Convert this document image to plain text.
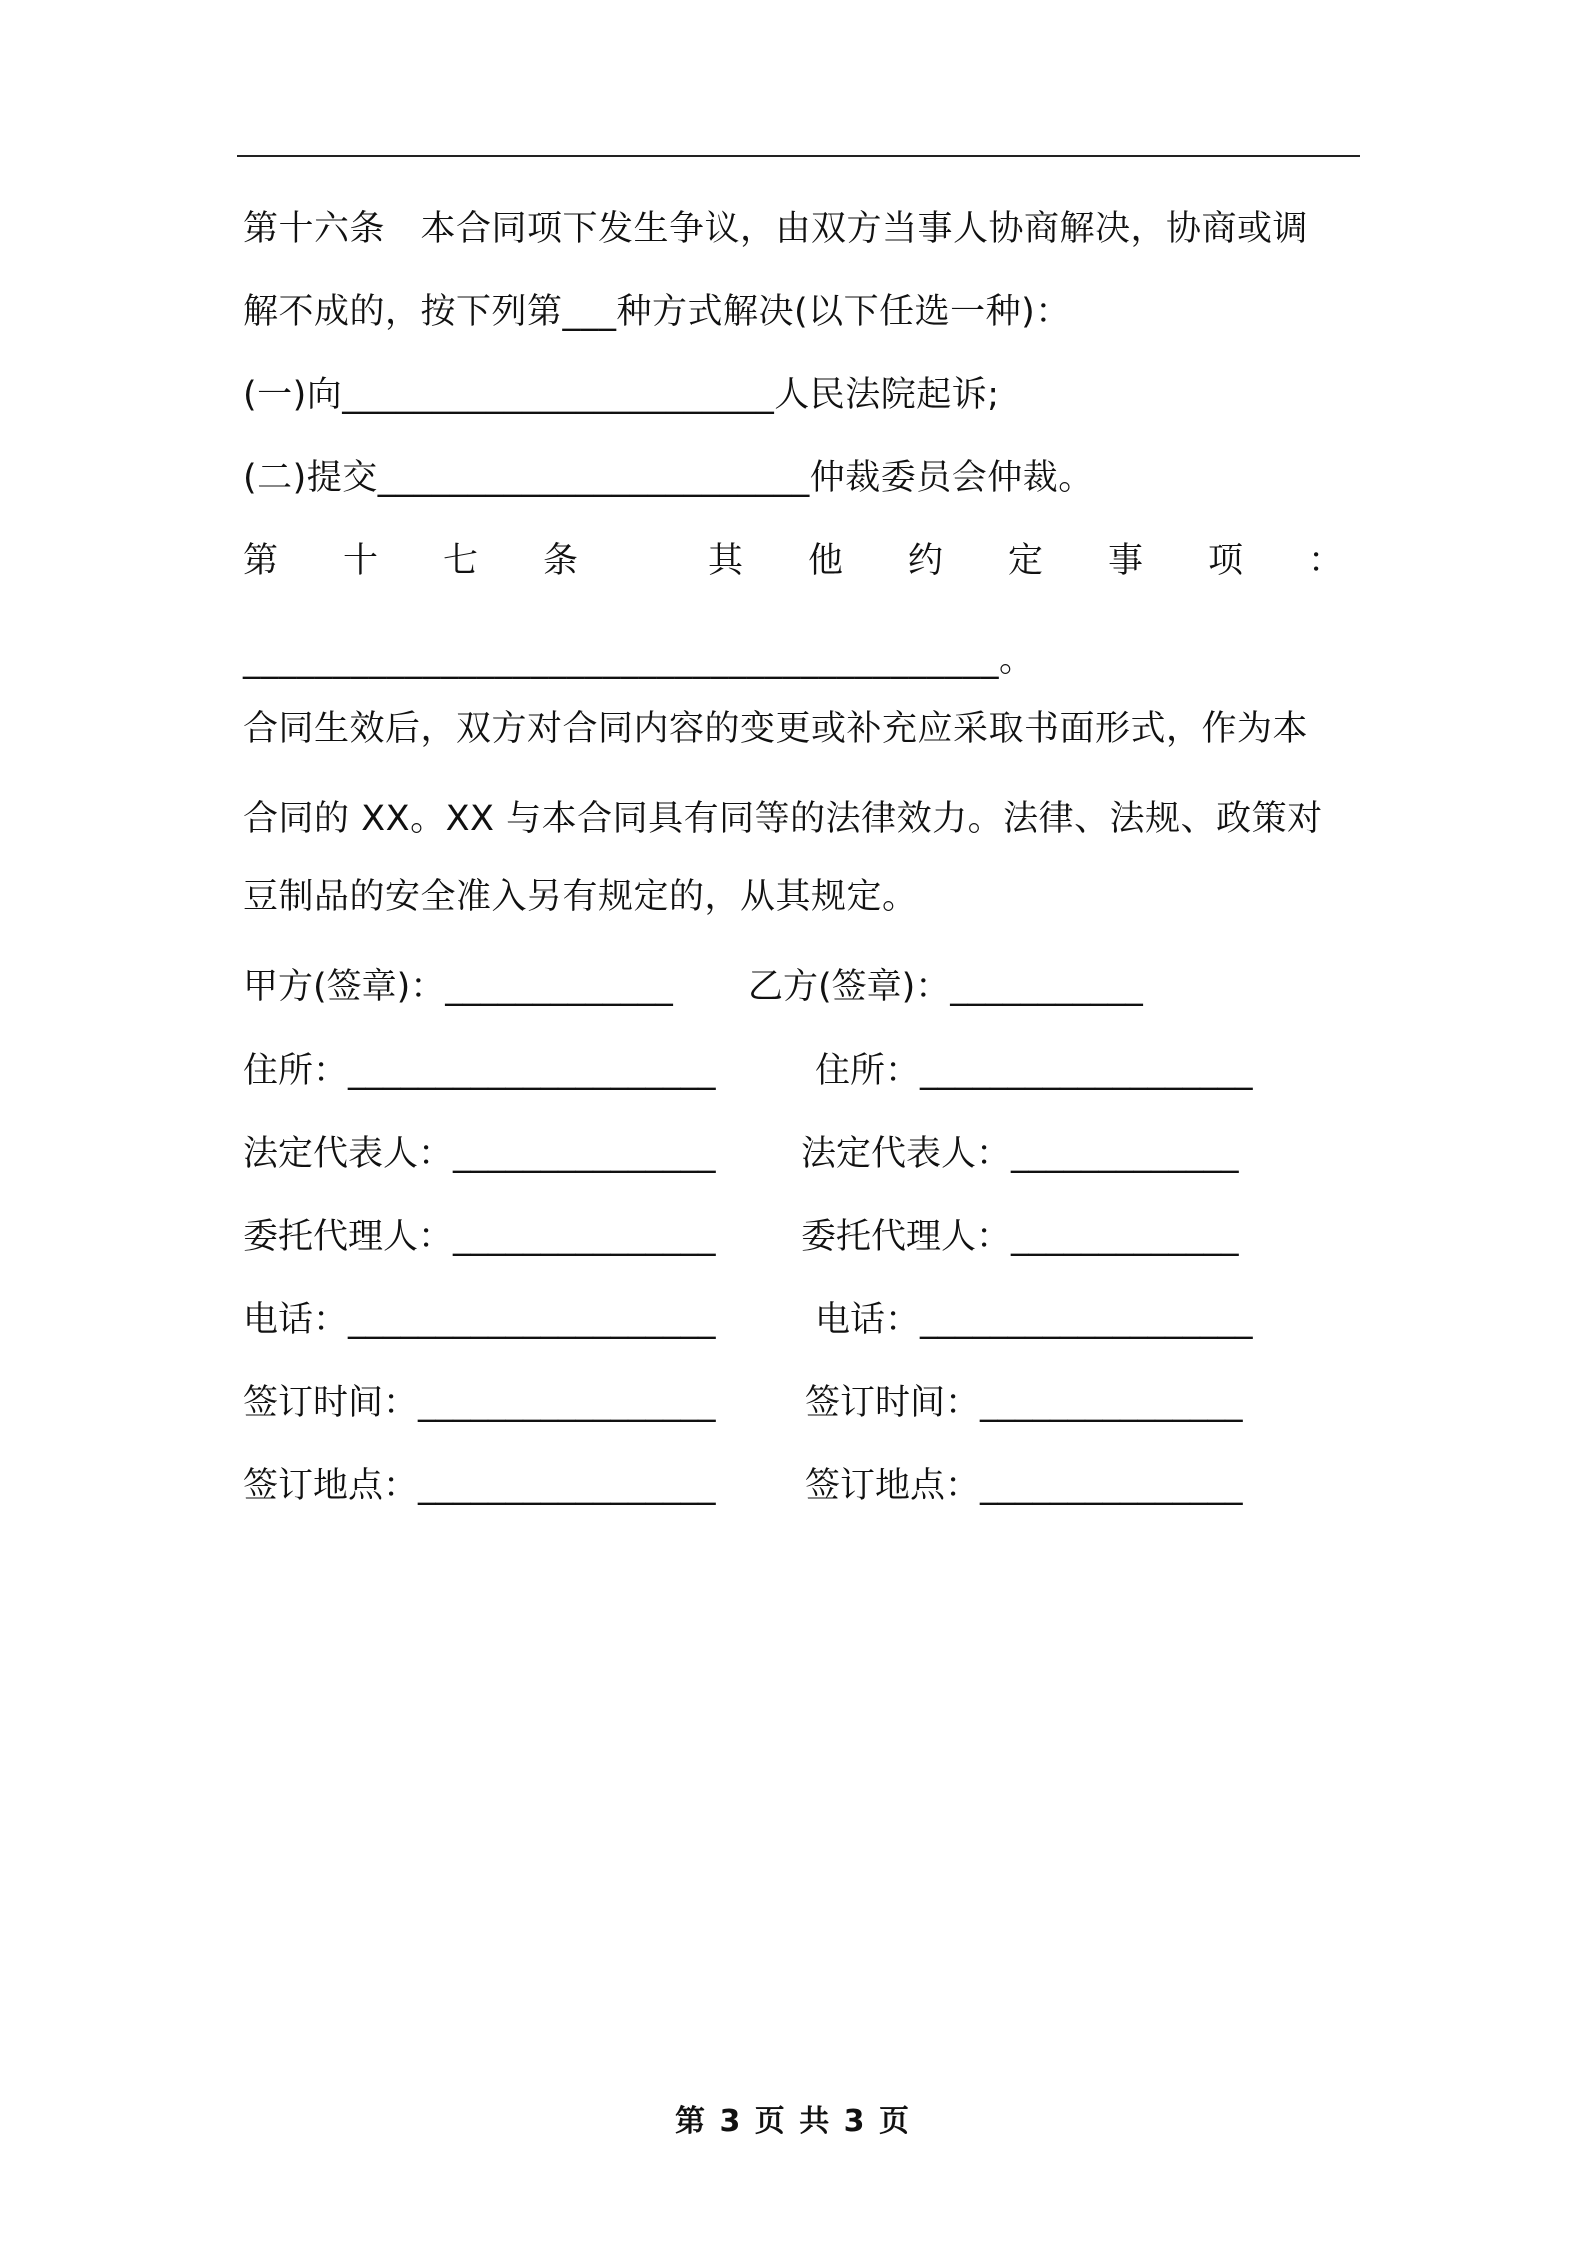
第十六条　本合同项下发生争议，由双方当事人协商解决，协商或调
解不成的，按下列第___种方式解决(以下任选一种)：
(一)向________________________人民法院起诉;
(二)提交________________________仲裁委员会仲裁。
第 十 七 条	其 他 约 定 事 项 ：
__________________________________________。
合同生效后，双方对合同内容的变更或补充应采取书面形式，作为本
合同的 XX。XX 与本合同具有同等的法律效力。法律、法规、政策对
豆制品的安全准入另有规定的，从其规定。
甲方(签章)：_____________ 乙方(签章)：___________
住所：_____________________	住所：___________________
法定代表人：_______________ 法定代表人：_____________
委托代理人：_______________ 委托代理人：_____________
电话：_____________________	电话：___________________
签订时间：_________________	签订时间：_______________
签订地点：_________________	签订地点：_______________
第 3 页 共 3 页
